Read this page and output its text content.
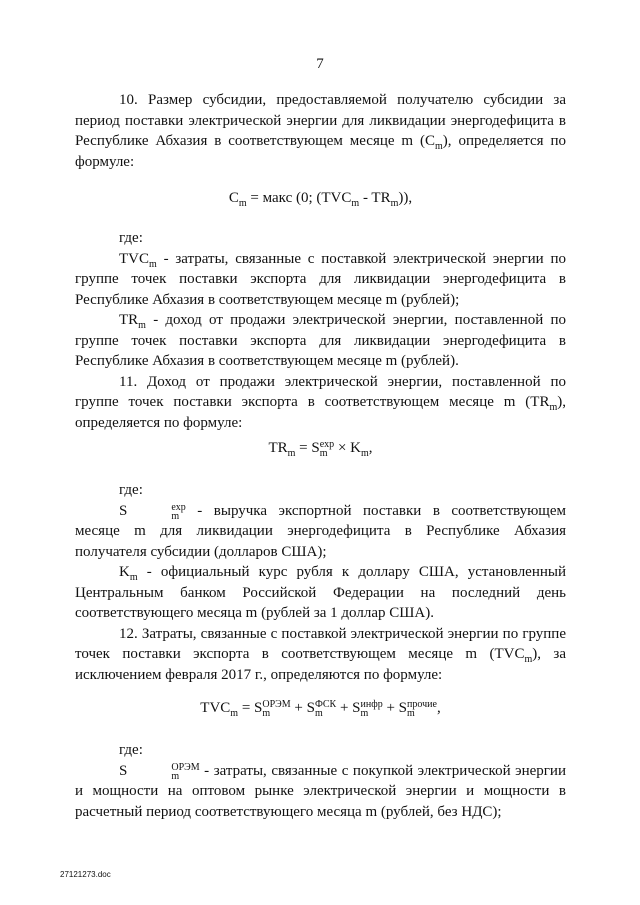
7

10. Размер субсидии, предоставляемой получателю субсидии за период поставки электрической энергии для ликвидации энергодефицита в Республике Абхазия в соответствующем месяце m $(C_m)$, определяется по формуле:

$C_m$ = макс (0; $(TVC_m - TR_m)$),

где:

$TVC_m$ - затраты, связанные с поставкой электрической энергии по группе точек поставки экспорта для ликвидации энергодефицита в Республике Абхазия в соответствующем месяце m (рублей);

$TR_m$ - доход от продажи электрической энергии, поставленной по группе точек поставки экспорта для ликвидации энергодефицита в Республике Абхазия в соответствующем месяце m (рублей).

11. Доход от продажи электрической энергии, поставленной по группе точек поставки экспорта в соответствующем месяце m $(TR_m)$, определяется по формуле:

$TR_m = S$ exp
$m \times K_m$,

где:

S	exp
m - выручка экспортной поставки в соответствующем месяце m для ликвидации энергодефицита в Республике Абхазия получателя субсидии (долларов США);

$K_m$ - официальный курс рубля к доллару США, установленный Центральным банком Российской Федерации на последний день соответствующего месяца m (рублей за 1 доллар США).

12. Затраты, связанные с поставкой электрической энергии по группе точек поставки экспорта в соответствующем месяце m $(TVC_m)$, за исключением февраля 2017 г., определяются по формуле:

$TVC_m = S$ ОРЭМ
m	+ S ФСК
m + S инфр
m + S прочие
m	,

где:

S	ОРЭМ
m	- затраты, связанные с покупкой электрической энергии и мощности на оптовом рынке электрической энергии и мощности в расчетный период соответствующего месяца m (рублей, без НДС);

27121273.doc
